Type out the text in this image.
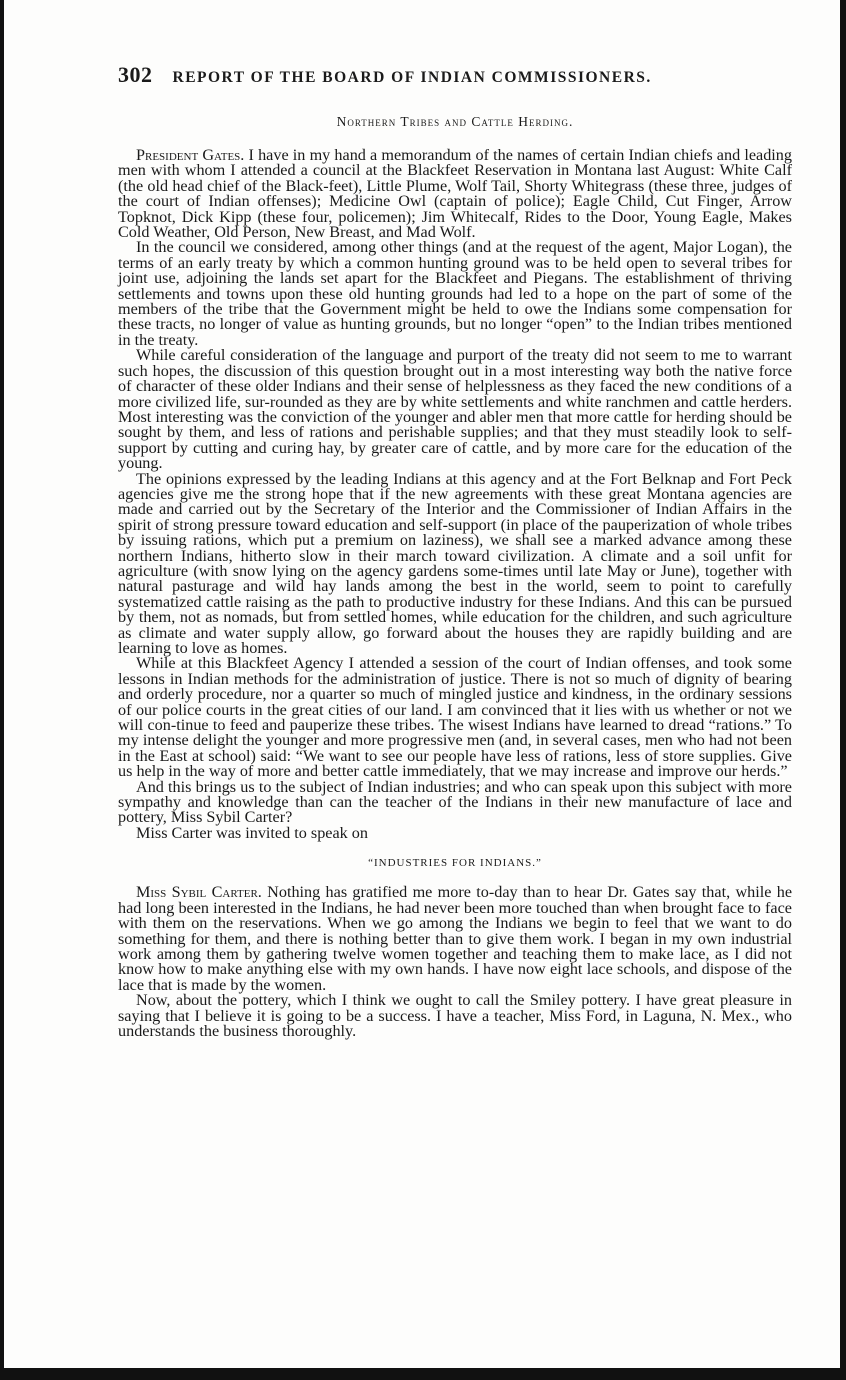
302 REPORT OF THE BOARD OF INDIAN COMMISSIONERS.
Northern Tribes and Cattle Herding.

President Gates. I have in my hand a memorandum of the names of certain Indian chiefs and leading men with whom I attended a council at the Blackfeet Reservation in Montana last August: White Calf (the old head chief of the Black-feet), Little Plume, Wolf Tail, Shorty Whitegrass (these three, judges of the court of Indian offenses); Medicine Owl (captain of police); Eagle Child, Cut Finger, Arrow Topknot, Dick Kipp (these four, policemen); Jim Whitecalf, Rides to the Door, Young Eagle, Makes Cold Weather, Old Person, New Breast, and Mad Wolf.

In the council we considered, among other things (and at the request of the agent, Major Logan), the terms of an early treaty by which a common hunting ground was to be held open to several tribes for joint use, adjoining the lands set apart for the Blackfeet and Piegans. The establishment of thriving settlements and towns upon these old hunting grounds had led to a hope on the part of some of the members of the tribe that the Government might be held to owe the Indians some compensation for these tracts, no longer of value as hunting grounds, but no longer “open” to the Indian tribes mentioned in the treaty.

While careful consideration of the language and purport of the treaty did not seem to me to warrant such hopes, the discussion of this question brought out in a most interesting way both the native force of character of these older Indians and their sense of helplessness as they faced the new conditions of a more civilized life, sur-rounded as they are by white settlements and white ranchmen and cattle herders. Most interesting was the conviction of the younger and abler men that more cattle for herding should be sought by them, and less of rations and perishable supplies; and that they must steadily look to self-support by cutting and curing hay, by greater care of cattle, and by more care for the education of the young.

The opinions expressed by the leading Indians at this agency and at the Fort Belknap and Fort Peck agencies give me the strong hope that if the new agreements with these great Montana agencies are made and carried out by the Secretary of the Interior and the Commissioner of Indian Affairs in the spirit of strong pressure toward education and self-support (in place of the pauperization of whole tribes by issuing rations, which put a premium on laziness), we shall see a marked advance among these northern Indians, hitherto slow in their march toward civilization. A climate and a soil unfit for agriculture (with snow lying on the agency gardens some-times until late May or June), together with natural pasturage and wild hay lands among the best in the world, seem to point to carefully systematized cattle raising as the path to productive industry for these Indians. And this can be pursued by them, not as nomads, but from settled homes, while education for the children, and such agriculture as climate and water supply allow, go forward about the houses they are rapidly building and are learning to love as homes.

While at this Blackfeet Agency I attended a session of the court of Indian offenses, and took some lessons in Indian methods for the administration of justice. There is not so much of dignity of bearing and orderly procedure, nor a quarter so much of mingled justice and kindness, in the ordinary sessions of our police courts in the great cities of our land. I am convinced that it lies with us whether or not we will con-tinue to feed and pauperize these tribes. The wisest Indians have learned to dread “rations.” To my intense delight the younger and more progressive men (and, in several cases, men who had not been in the East at school) said: “We want to see our people have less of rations, less of store supplies. Give us help in the way of more and better cattle immediately, that we may increase and improve our herds.”

And this brings us to the subject of Indian industries; and who can speak upon this subject with more sympathy and knowledge than can the teacher of the Indians in their new manufacture of lace and pottery, Miss Sybil Carter?

Miss Carter was invited to speak on

“INDUSTRIES FOR INDIANS.”

Miss Sybil Carter. Nothing has gratified me more to-day than to hear Dr. Gates say that, while he had long been interested in the Indians, he had never been more touched than when brought face to face with them on the reservations. When we go among the Indians we begin to feel that we want to do something for them, and there is nothing better than to give them work. I began in my own industrial work among them by gathering twelve women together and teaching them to make lace, as I did not know how to make anything else with my own hands. I have now eight lace schools, and dispose of the lace that is made by the women.

Now, about the pottery, which I think we ought to call the Smiley pottery. I have great pleasure in saying that I believe it is going to be a success. I have a teacher, Miss Ford, in Laguna, N. Mex., who understands the business thoroughly.
